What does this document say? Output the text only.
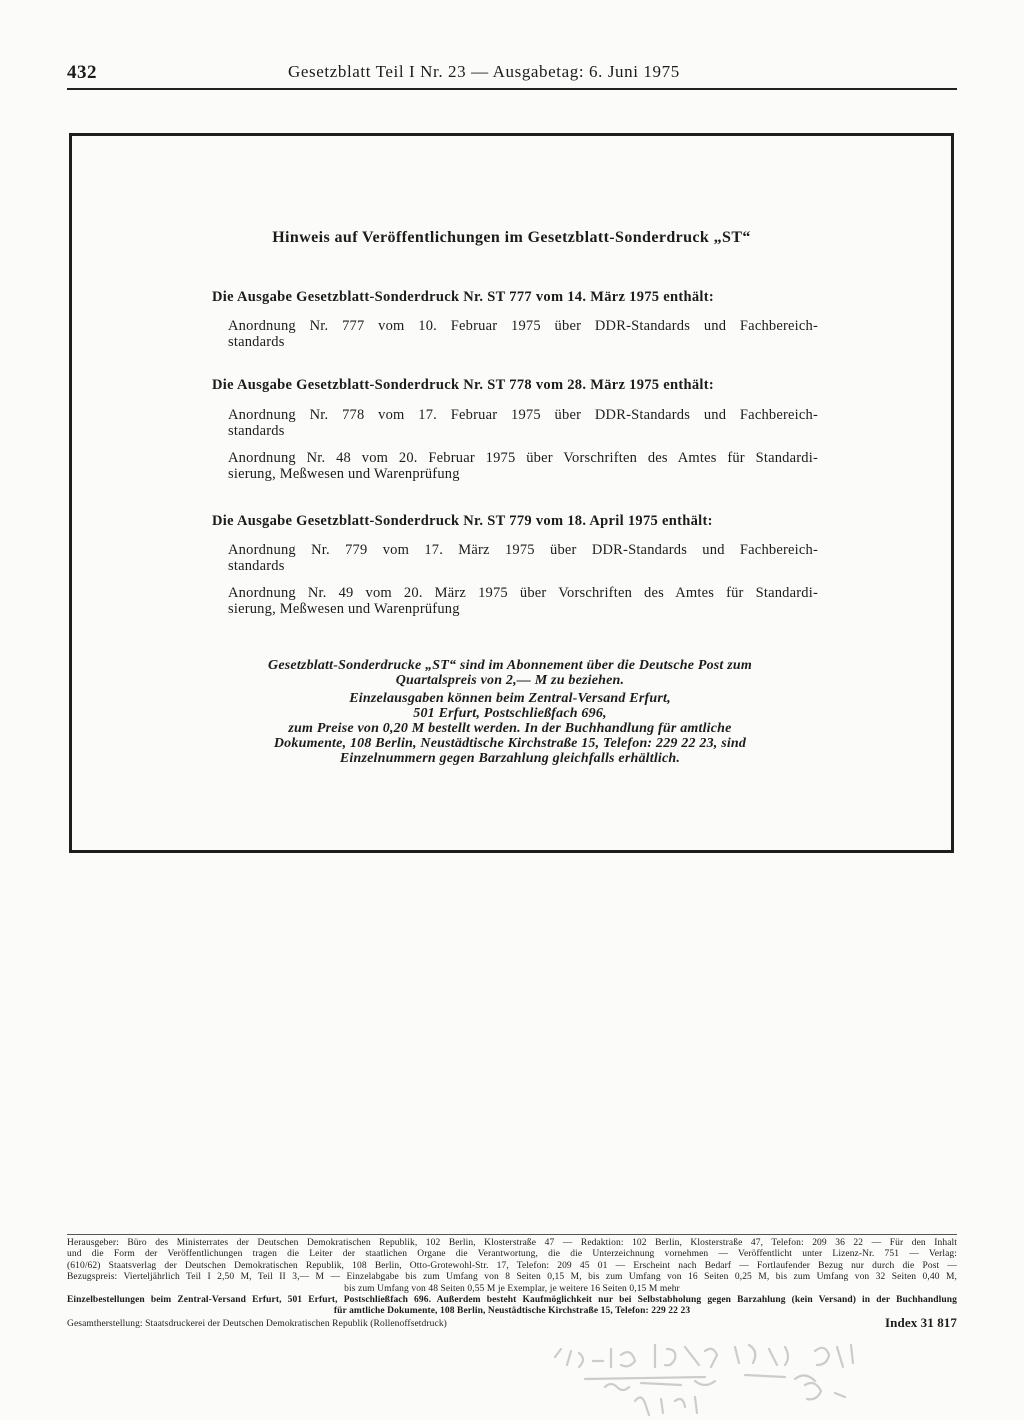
432	Gesetzblatt Teil I Nr. 23 — Ausgabetag: 6. Juni 1975
Hinweis auf Veröffentlichungen im Gesetzblatt-Sonderdruck „ST“
Die Ausgabe Gesetzblatt-Sonderdruck Nr. ST 777 vom 14. März 1975 enthält:
Anordnung Nr. 777 vom 10. Februar 1975 über DDR-Standards und Fachbereich-
standards
Die Ausgabe Gesetzblatt-Sonderdruck Nr. ST 778 vom 28. März 1975 enthält:
Anordnung Nr. 778 vom 17. Februar 1975 über DDR-Standards und Fachbereich-
standards
Anordnung Nr. 48 vom 20. Februar 1975 über Vorschriften des Amtes für Standardi-
sierung, Meßwesen und Warenprüfung
Die Ausgabe Gesetzblatt-Sonderdruck Nr. ST 779 vom 18. April 1975 enthält:
Anordnung Nr. 779 vom 17. März 1975 über DDR-Standards und Fachbereich-
standards
Anordnung Nr. 49 vom 20. März 1975 über Vorschriften des Amtes für Standardi-
sierung, Meßwesen und Warenprüfung

Gesetzblatt-Sonderdrucke „ST“ sind im Abonnement über die Deutsche Post zum
Quartalspreis von 2,— M zu beziehen.

Einzelausgaben können beim Zentral-Versand Erfurt,
501 Erfurt, Postschließfach 696,
zum Preise von 0,20 M bestellt werden. In der Buchhandlung für amtliche
Dokumente, 108 Berlin, Neustädtische Kirchstraße 15, Telefon: 229 22 23, sind
Einzelnummern gegen Barzahlung gleichfalls erhältlich.

Herausgeber: Büro des Ministerrates der Deutschen Demokratischen Republik, 102 Berlin, Klosterstraße 47 — Redaktion: 102 Berlin, Klosterstraße 47, Telefon: 209 36 22 — Für den Inhalt
und die Form der Veröffentlichungen tragen die Leiter der staatlichen Organe die Verantwortung, die die Unterzeichnung vornehmen — Veröffentlicht unter Lizenz-Nr. 751 — Verlag:
(610/62) Staatsverlag der Deutschen Demokratischen Republik, 108 Berlin, Otto-Grotewohl-Str. 17, Telefon: 209 45 01 — Erscheint nach Bedarf — Fortlaufender Bezug nur durch die Post —
Bezugspreis: Vierteljährlich Teil I 2,50 M, Teil II 3,— M — Einzelabgabe bis zum Umfang von 8 Seiten 0,15 M, bis zum Umfang von 16 Seiten 0,25 M, bis zum Umfang von 32 Seiten 0,40 M,
bis zum Umfang von 48 Seiten 0,55 M je Exemplar, je weitere 16 Seiten 0,15 M mehr
Einzelbestellungen beim Zentral-Versand Erfurt, 501 Erfurt, Postschließfach 696. Außerdem besteht Kaufmöglichkeit nur bei Selbstabholung gegen Barzahlung (kein Versand) in der Buchhandlung
für amtliche Dokumente, 108 Berlin, Neustädtische Kirchstraße 15, Telefon: 229 22 23
Gesamtherstellung: Staatsdruckerei der Deutschen Demokratischen Republik (Rollenoffsetdruck)	Index 31 817
